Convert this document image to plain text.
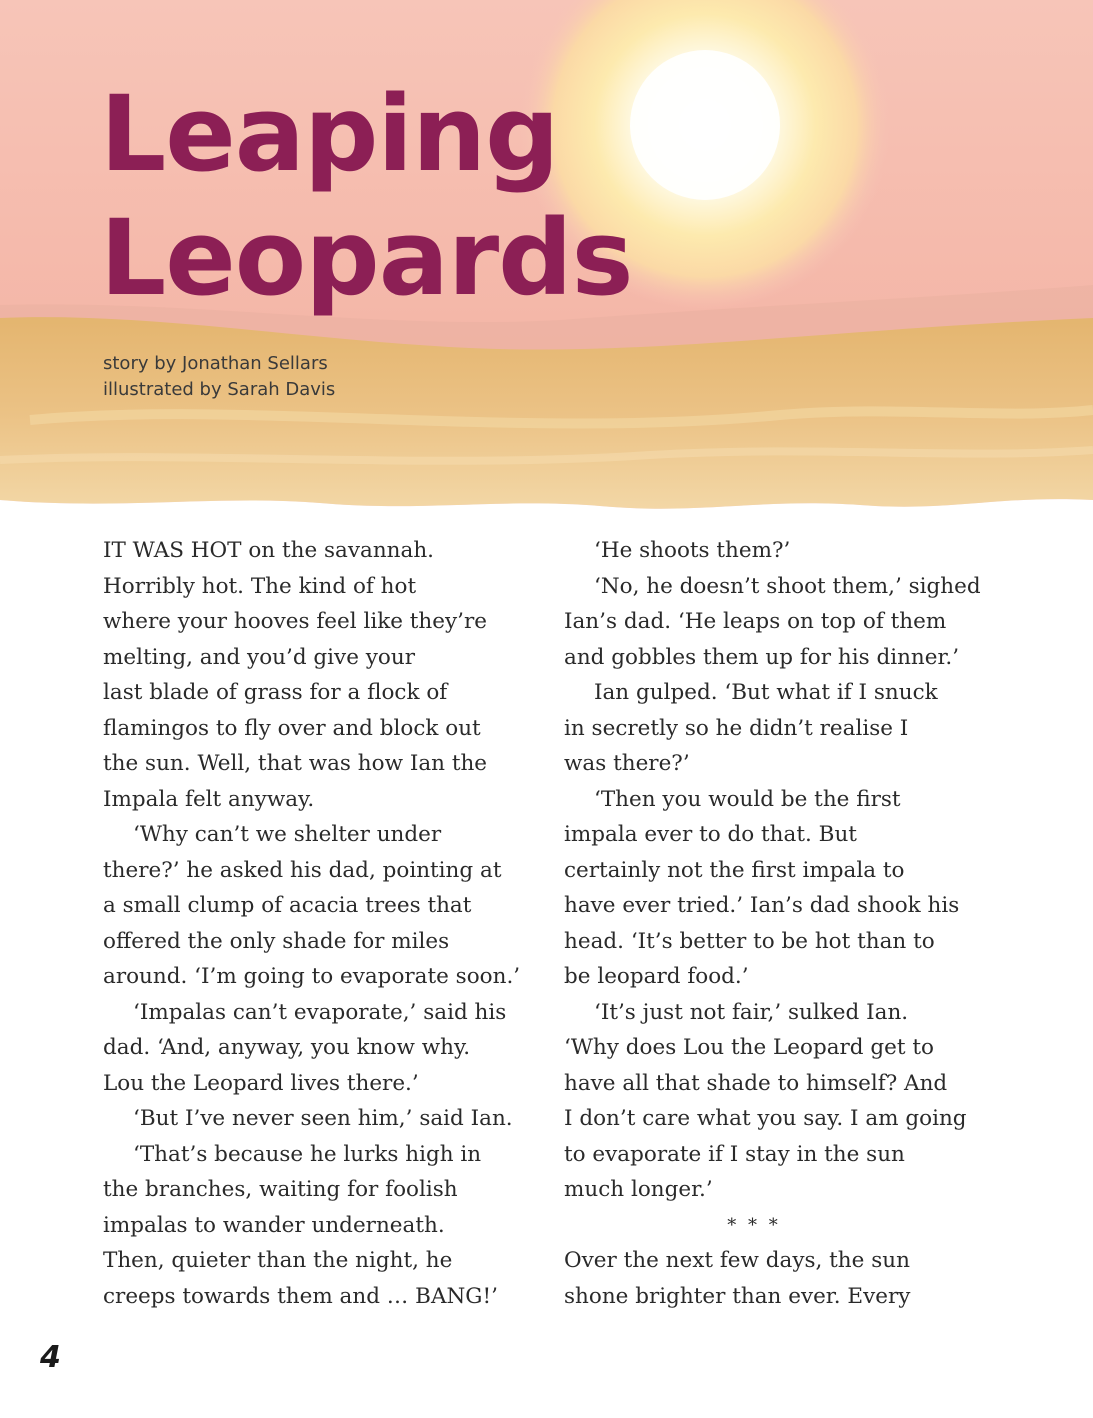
Leaping
Leopards
story by Jonathan Sellars
illustrated by Sarah Davis
IT WAS HOT on the savannah.
Horribly hot. The kind of hot
where your hooves feel like they’re
melting, and you’d give your
last blade of grass for a flock of
flamingos to fly over and block out
the sun. Well, that was how Ian the
Impala felt anyway.
‘Why can’t we shelter under
there?’ he asked his dad, pointing at
a small clump of acacia trees that
offered the only shade for miles
around. ‘I’m going to evaporate soon.’
‘Impalas can’t evaporate,’ said his
dad. ‘And, anyway, you know why.
Lou the Leopard lives there.’
‘But I’ve never seen him,’ said Ian.
‘That’s because he lurks high in
the branches, waiting for foolish
impalas to wander underneath.
Then, quieter than the night, he
creeps towards them and … BANG!’
‘He shoots them?’
‘No, he doesn’t shoot them,’ sighed
Ian’s dad. ‘He leaps on top of them
and gobbles them up for his dinner.’
Ian gulped. ‘But what if I snuck
in secretly so he didn’t realise I
was there?’
‘Then you would be the first
impala ever to do that. But
certainly not the first impala to
have ever tried.’ Ian’s dad shook his
head. ‘It’s better to be hot than to
be leopard food.’
‘It’s just not fair,’ sulked Ian.
‘Why does Lou the Leopard get to
have all that shade to himself? And
I don’t care what you say. I am going
to evaporate if I stay in the sun
much longer.’
* * *
Over the next few days, the sun
shone brighter than ever. Every
4
